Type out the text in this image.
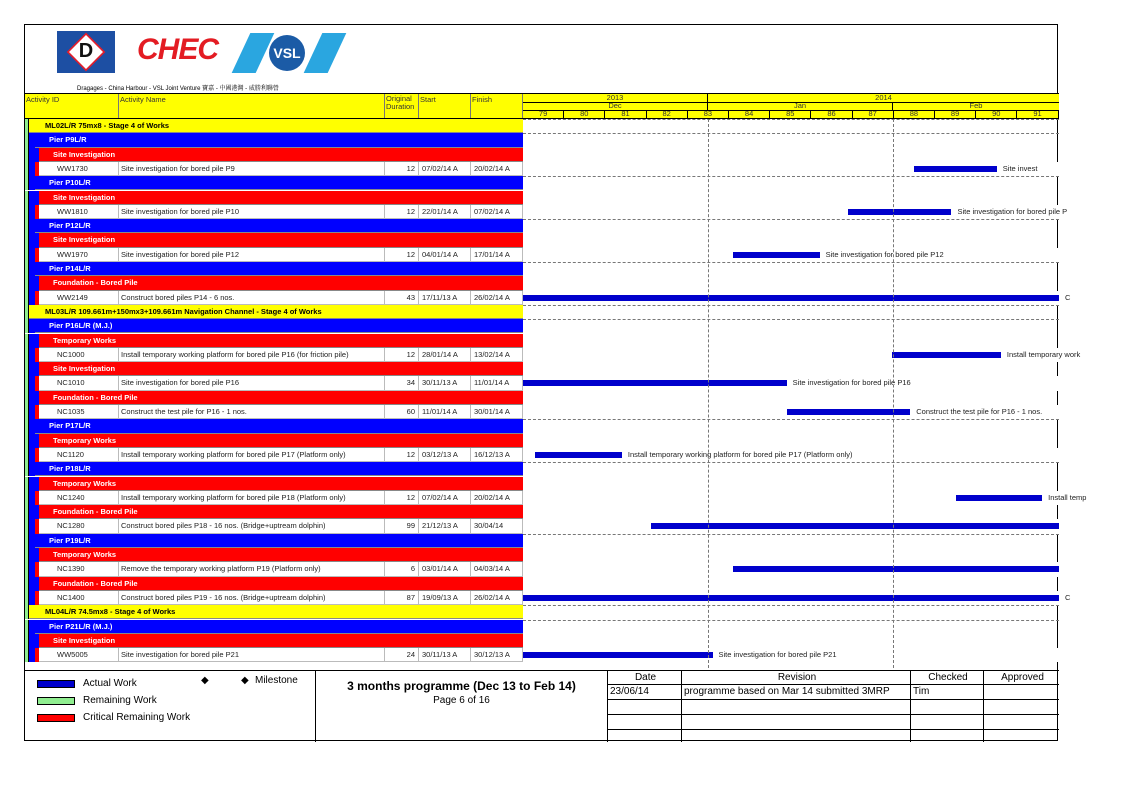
D	CHEC	VSL
Dragages - China Harbour - VSL Joint Venture 寶嘉 - 中國港灣 - 威勝利聯營
Activity ID	Activity Name	Original Duration
Start	Finish	2013	2014
Dec	Jan	Feb
79	80	81	82	83	84	85	86	87	88	89	90	91
ML02L/R 75mx8 - Stage 4 of Works
Pier P9L/R
Site Investigation
WW1730	Site investigation for bored pile P9	12 07/02/14 A	20/02/14 A
Pier P10L/R
Site Investigation
WW1810	Site investigation for bored pile P10	12 22/01/14 A	07/02/14 A
Pier P12L/R
Site Investigation
WW1970	Site investigation for bored pile P12	12 04/01/14 A	17/01/14 A
Pier P14L/R
Foundation - Bored Pile
WW2149	Construct bored piles P14 - 6 nos.	43 17/11/13 A	26/02/14 A
ML03L/R 109.661m+150mx3+109.661m Navigation Channel - Stage 4 of Works
Pier P16L/R (M.J.)
Temporary Works
NC1000	Install temporary working platform for bored pile P16 (for friction pile)	12 28/01/14 A	13/02/14 A
Site Investigation
NC1010	Site investigation for bored pile P16	34 30/11/13 A	11/01/14 A
Foundation - Bored Pile
NC1035	Construct the test pile for P16 - 1 nos.	60 11/01/14 A	30/01/14 A
Pier P17L/R
Temporary Works
NC1120	Install temporary working platform for bored pile P17 (Platform only)	12 03/12/13 A	16/12/13 A
Pier P18L/R
Temporary Works
NC1240	Install temporary working platform for bored pile P18 (Platform only)	12 07/02/14 A	20/02/14 A
Foundation - Bored Pile
NC1280	Construct bored piles P18 - 16 nos. (Bridge+uptream dolphin)	99 21/12/13 A	30/04/14
Pier P19L/R
Temporary Works
NC1390	Remove the temporary working platform P19 (Platform only)	6 03/01/14 A	04/03/14 A
Foundation - Bored Pile
NC1400	Construct bored piles P19 - 16 nos. (Bridge+uptream dolphin)	87 19/09/13 A	26/02/14 A
ML04L/R 74.5mx8 - Stage 4 of Works
Pier P21L/R (M.J.)
Site Investigation
WW5005	Site investigation for bored pile P21	24 30/11/13 A	30/12/13 A
Site invest
Site investigation for bored pile P
Site investigation for bored pile P12
C
Install temporary work
Site investigation for bored pile P16
Construct the test pile for P16 - 1 nos.
Install temporary working platform for bored pile P17 (Platform only)
Install temp
C
Site investigation for bored pile P21
Actual Work
Remaining Work
Critical Remaining Work
◆	◆ Milestone	3 months programme (Dec 13 to Feb 14)
Page 6 of 16
Date	Revision	Checked	Approved
23/06/14	programme based on Mar 14 submitted 3MRP	Tim
